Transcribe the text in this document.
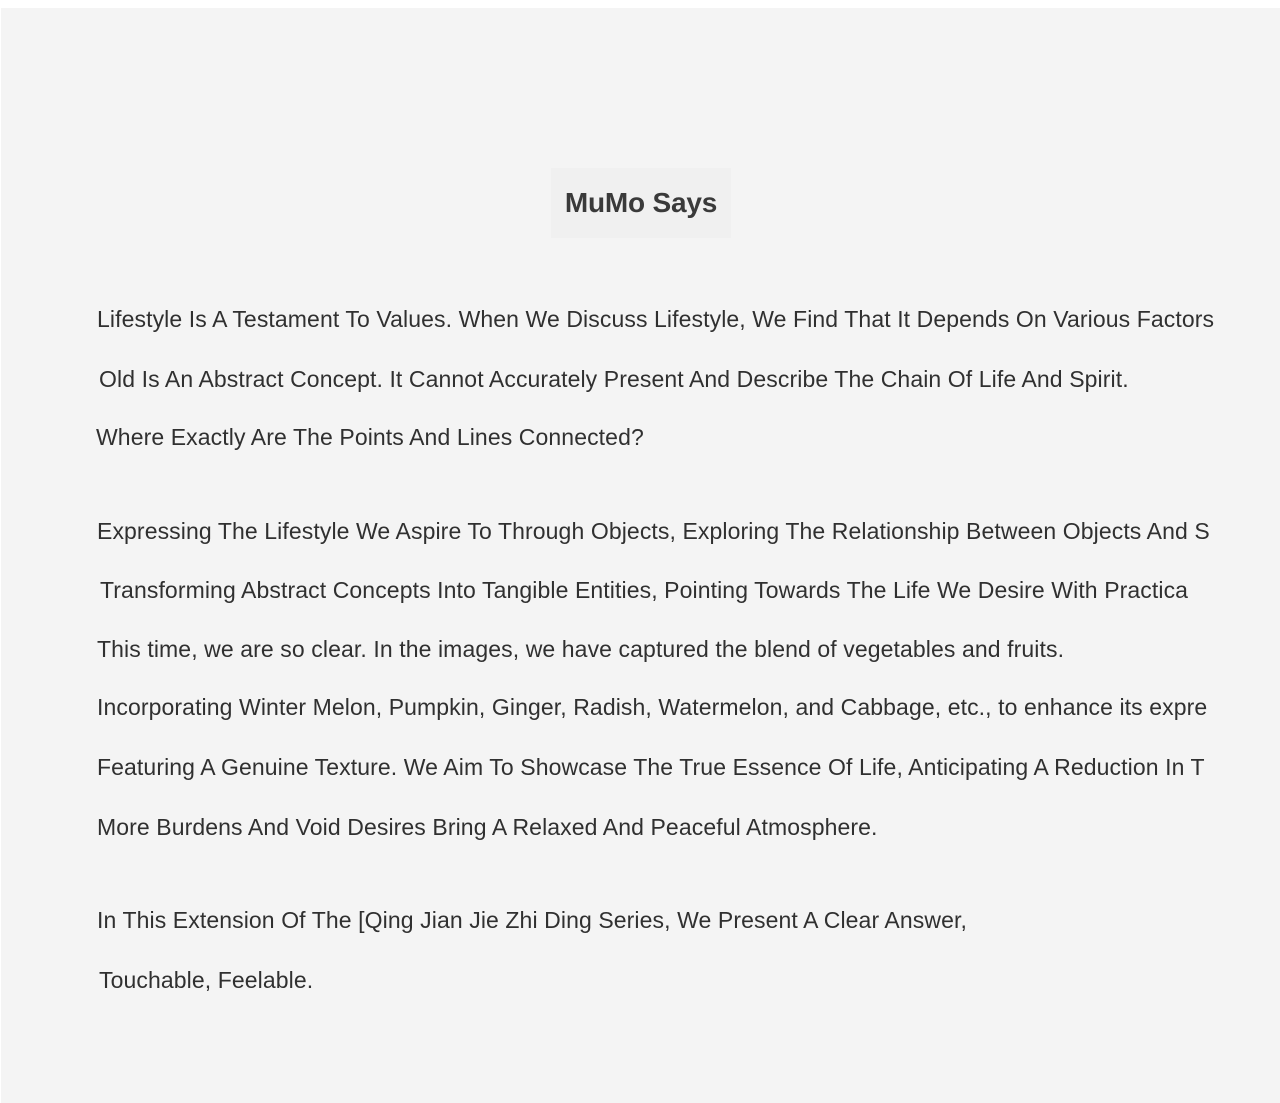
MuMo Says
Lifestyle Is A Testament To Values. When We Discuss Lifestyle, We Find That It Depends On Various Factors
Old Is An Abstract Concept. It Cannot Accurately Present And Describe The Chain Of Life And Spirit.
Where Exactly Are The Points And Lines Connected?
Expressing The Lifestyle We Aspire To Through Objects, Exploring The Relationship Between Objects And S
Transforming Abstract Concepts Into Tangible Entities, Pointing Towards The Life We Desire With Practica
This time, we are so clear. In the images, we have captured the blend of vegetables and fruits.
Incorporating Winter Melon, Pumpkin, Ginger, Radish, Watermelon, and Cabbage, etc., to enhance its expre
Featuring A Genuine Texture. We Aim To Showcase The True Essence Of Life, Anticipating A Reduction In T
More Burdens And Void Desires Bring A Relaxed And Peaceful Atmosphere.
In This Extension Of The [Qing Jian Jie Zhi Ding Series, We Present A Clear Answer,
Touchable, Feelable.
